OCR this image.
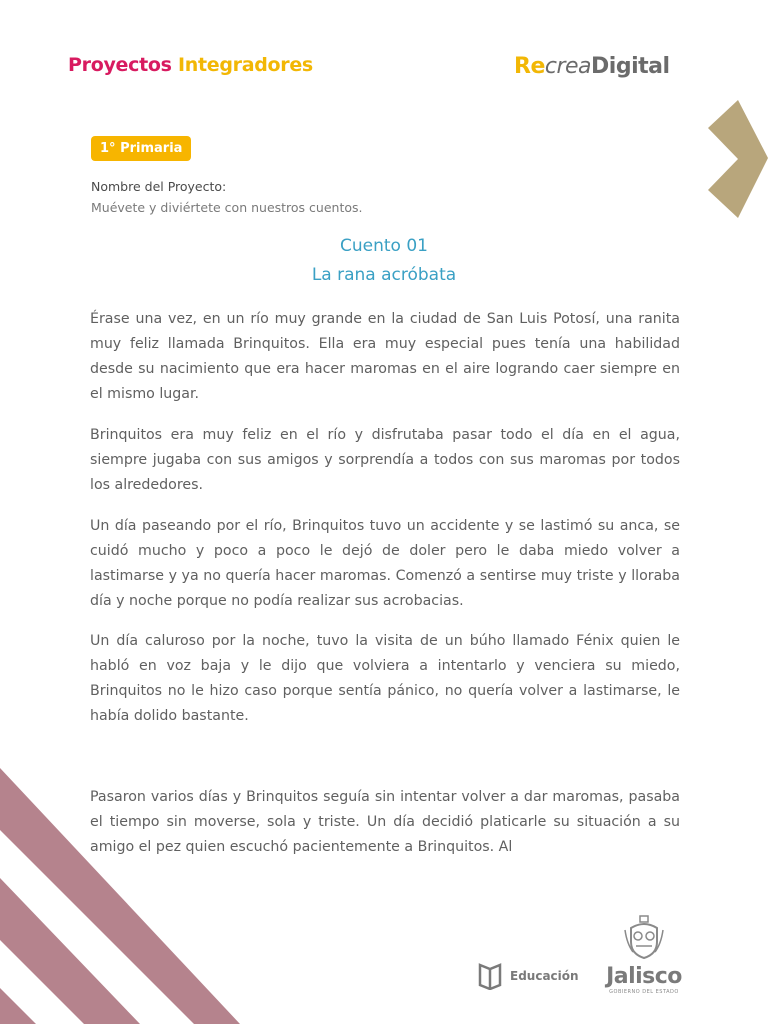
Proyectos Integradores	RecreaDigital
1° Primaria
Nombre del Proyecto:
Muévete y diviértete con nuestros cuentos.
Cuento 01
La rana acróbata

Érase una vez, en un río muy grande en la ciudad de San Luis Potosí, una ranita muy feliz llamada Brinquitos. Ella era muy especial pues tenía una habilidad desde su nacimiento que era hacer maromas en el aire logrando caer siempre en el mismo lugar.

Brinquitos era muy feliz en el río y disfrutaba pasar todo el día en el agua, siempre jugaba con sus amigos y sorprendía a todos con sus maromas por todos los alrededores.

Un día paseando por el río, Brinquitos tuvo un accidente y se lastimó su anca, se cuidó mucho y poco a poco le dejó de doler pero le daba miedo volver a lastimarse y ya no quería hacer maromas. Comenzó a sentirse muy triste y lloraba día y noche porque no podía realizar sus acrobacias.

Un día caluroso por la noche, tuvo la visita de un búho llamado Fénix quien le habló en voz baja y le dijo que volviera a intentarlo y venciera su miedo, Brinquitos no le hizo caso porque sentía pánico, no quería volver a lastimarse, le había dolido bastante.

Pasaron varios días y Brinquitos seguía sin intentar volver a dar maromas, pasaba el tiempo sin moverse, sola y triste. Un día decidió platicarle su situación a su amigo el pez quien escuchó pacientemente a Brinquitos. Al

Educación Jalisco
GOBIERNO DEL ESTADO
